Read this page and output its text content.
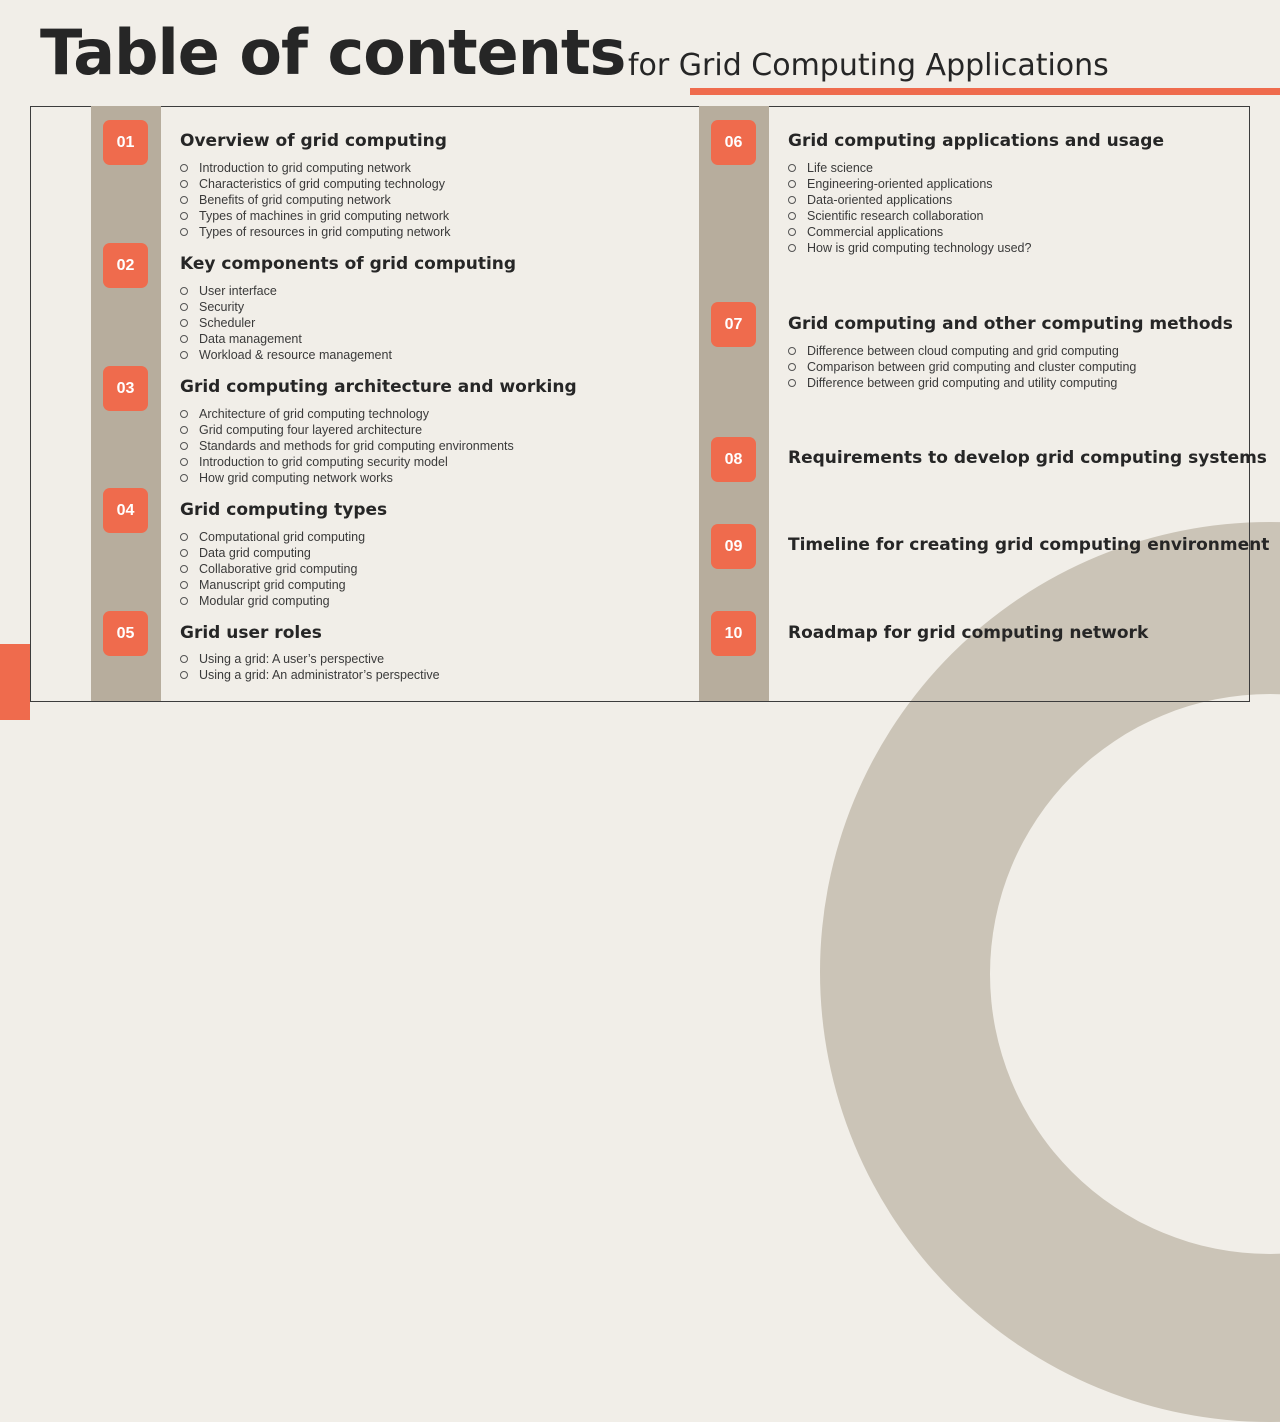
Table of contents for Grid Computing Applications
01	Overview of grid computing
Introduction to grid computing network
Characteristics of grid computing technology
Benefits of grid computing network
Types of machines in grid computing network
Types of resources in grid computing network
02	Key components of grid computing
User interface
Security
Scheduler
Data management
Workload & resource management
03	Grid computing architecture and working
Architecture of grid computing technology
Grid computing four layered architecture
Standards and methods for grid computing environments
Introduction to grid computing security model
How grid computing network works
04	Grid computing types
Computational grid computing
Data grid computing
Collaborative grid computing
Manuscript grid computing
Modular grid computing
05	Grid user roles
Using a grid: A user’s perspective
Using a grid: An administrator’s perspective
06	Grid computing applications and usage
Life science
Engineering-oriented applications
Data-oriented applications
Scientific research collaboration
Commercial applications
How is grid computing technology used?
07	Grid computing and other computing methods
Difference between cloud computing and grid computing
Comparison between grid computing and cluster computing
Difference between grid computing and utility computing
08	Requirements to develop grid computing systems
09	Timeline for creating grid computing environment
10	Roadmap for grid computing network
